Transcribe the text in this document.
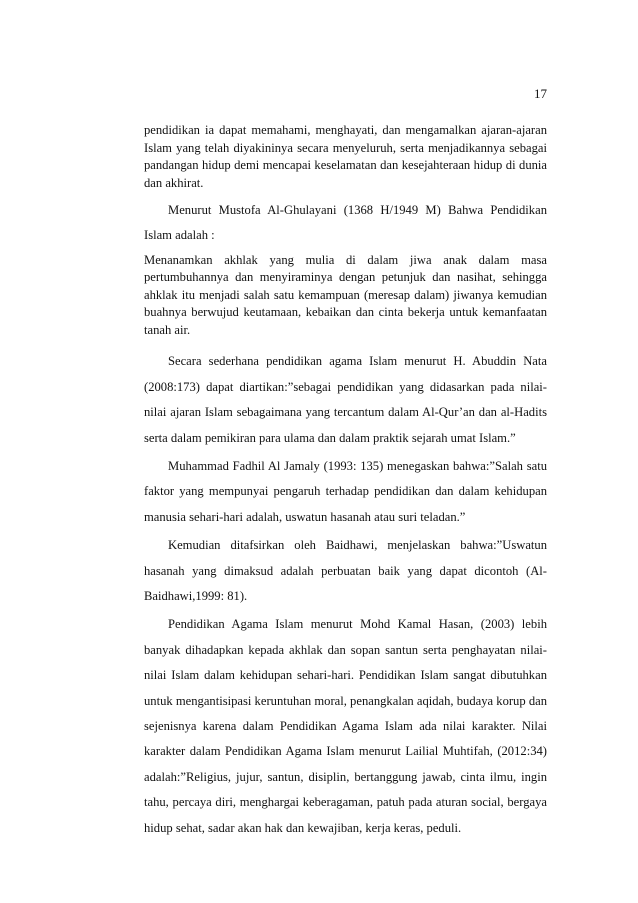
17

pendidikan ia dapat memahami, menghayati, dan mengamalkan ajaran-ajaran Islam yang telah diyakininya secara menyeluruh, serta menjadikannya sebagai pandangan hidup demi mencapai keselamatan dan kesejahteraan hidup di dunia dan akhirat.

Menurut Mustofa Al-Ghulayani (1368 H/1949 M) Bahwa Pendidikan Islam adalah :

Menanamkan akhlak yang mulia di dalam jiwa anak dalam masa pertumbuhannya dan menyiraminya dengan petunjuk dan nasihat, sehingga ahklak itu menjadi salah satu kemampuan (meresap dalam) jiwanya kemudian buahnya berwujud keutamaan, kebaikan dan cinta bekerja untuk kemanfaatan tanah air.

Secara sederhana pendidikan agama Islam menurut H. Abuddin Nata (2008:173) dapat diartikan:”sebagai pendidikan yang didasarkan pada nilai-nilai ajaran Islam sebagaimana yang tercantum dalam Al-Qur’an dan al-Hadits serta dalam pemikiran para ulama dan dalam praktik sejarah umat Islam.”

Muhammad Fadhil Al Jamaly (1993: 135) menegaskan bahwa:”Salah satu faktor yang mempunyai pengaruh terhadap pendidikan dan dalam kehidupan manusia sehari-hari adalah, uswatun hasanah atau suri teladan.”

Kemudian ditafsirkan oleh Baidhawi, menjelaskan bahwa:”Uswatun hasanah yang dimaksud adalah perbuatan baik yang dapat dicontoh (Al-Baidhawi,1999: 81).

Pendidikan Agama Islam menurut Mohd Kamal Hasan, (2003) lebih banyak dihadapkan kepada akhlak dan sopan santun serta penghayatan nilai-nilai Islam dalam kehidupan sehari-hari. Pendidikan Islam sangat dibutuhkan untuk mengantisipasi keruntuhan moral, penangkalan aqidah, budaya korup dan sejenisnya karena dalam Pendidikan Agama Islam ada nilai karakter. Nilai karakter dalam Pendidikan Agama Islam menurut Lailial Muhtifah, (2012:34) adalah:”Religius, jujur, santun, disiplin, bertanggung jawab, cinta ilmu, ingin tahu, percaya diri, menghargai keberagaman, patuh pada aturan social, bergaya hidup sehat, sadar akan hak dan kewajiban, kerja keras, peduli.
